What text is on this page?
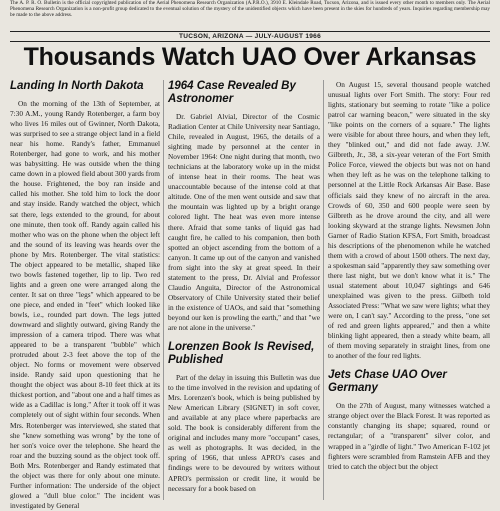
The A. P. R. O. Bulletin is the official copyrighted publication of the Aerial Phenomena Research Organization (A.P.R.O.), 3910 E. Kleindale Road, Tucson, Arizona, and is issued every other month to members only. The Aerial Phenomena Research Organization is a non-profit group dedicated to the eventual solution of the mystery of the unidentified objects which have been present in the skies for hundreds of years. Inquiries regarding membership may be made to the above address.
TUCSON, ARIZONA — JULY-AUGUST 1966
Thousands Watch UAO Over Arkansas
Landing In North Dakota

On the morning of the 13th of September, at 7:30 A.M., young Randy Rotenberger, a farm boy who lives 16 miles out of Gwinner, North Dakota, was surprised to see a strange object land in a field near his home. Randy's father, Emmanuel Rotenberger, had gone to work, and his mother was babysitting. He was outside when the thing came down in a plowed field about 300 yards from the house. Frightened, the boy ran inside and called his mother. She told him to lock the door and stay inside. Randy watched the object, which sat there, legs extended to the ground, for about one minute, then took off. Randy again called his mother who was on the phone when the object left and the sound of its leaving was heards over the phone by Mrs. Rotenberger. The vital statistics: The object appeared to be metallic, shaped like two bowls fastened together, lip to lip. Two red lights and a green one were arranged along the center. It sat on three "legs" which appeared to be one piece, and ended in "feet" which looked like bowls, i.e., rounded part down. The legs jutted downward and slightly outward, giving Randy the impression of a camera tripod. There was what appeared to be a transparent "bubble" which protruded about 2-3 feet above the top of the object. No forms or movement were observed inside. Randy said upon questioning that he thought the object was about 8-10 feet thick at its thickest portion, and "about one and a half times as wide as a Cadillac is long." After it took off it was completely out of sight within four seconds. When Mrs. Rotenberger was interviewed, she stated that she "knew something was wrong" by the tone of her son's voice over the telephone. She heard the roar and the buzzing sound as the object took off. Both Mrs. Rotenberger and Randy estimated that the object was there for only about one minute. Further information: The underside of the object glowed a "dull blue color." The incident was investigated by General

1964 Case Revealed By Astronomer

Dr. Gabriel Alvial, Director of the Cosmic Radiation Center at Chile University near Santiago, Chile, revealed in August, 1965, the details of a sighting made by personnel at the center in November 1964: One night during that month, two technicians at the laboratory woke up in the midst of intense heat in their rooms. The heat was unaccountable because of the intense cold at that altitude. One of the men went outside and saw that the mountain was lighted up by a bright orange colored light. The heat was even more intense there. Afraid that some tanks of liquid gas had caught fire, he called to his companion, then both spotted an object ascending from the bottom of a canyon. It came up out of the canyon and vanished from sight into the sky at great speed. In their statement to the press, Dr. Alvial and Professor Claudio Anguita, Director of the Astronomical Observatory of Chile University stated their belief in the existence of UAOs, and said that "something beyond our ken is prowling the earth," and that "we are not alone in the universe."

Lorenzen Book Is Revised, Published

Part of the delay in issuing this Bulletin was due to the time involved in the revision and updating of Mrs. Lorenzen's book, which is being published by New American Library (SIGNET) in soft cover, and available at any place where paperbacks are sold. The book is considerably different from the original and includes many more "occupant" cases, as well as photographs. It was decided, in the spring of 1966, that unless APRO's cases and findings were to be devoured by writers without APRO's permission or credit line, it would be necessary for a book based on

On August 15, several thousand people watched unusual lights over Fort Smith. The story: Four red lights, stationary but seeming to rotate "like a police patrol car warning beacon," were situated in the sky "like points on the corners of a square." The lights were visible for about three hours, and when they left, they "blinked out," and did not fade away. J.W. Gilbreth, Jr., 38, a six-year veteran of the Fort Smith Police Force, viewed the objects but was not on hand when they left as he was on the telephone talking to personnel at the Little Rock Arkansas Air Base. Base officials said they knew of no aircraft in the area. Crowds of 60, 350 and 600 people were seen by Gilbreth as he drove around the city, and all were looking skyward at the strange lights. Newsmen John Garner of Radio Station KFSA, Fort Smith, broadcast his descriptions of the phenomenon while he watched them with a crowd of about 1500 others. The next day, a spokesman said "apparently they saw something over there last night, but we don't know what it is." The usual statement about 10,047 sightings and 646 unexplained was given to the press. Gilbeth told Associated Press: "What we saw were lights; what they were on, I can't say." According to the press, "one set of red and green lights appeared," and then a white blinking light appeared, then a steady white beam, all of them moving separately in straight lines, from one to another of the four red lights.

Jets Chase UAO Over Germany

On the 27th of August, many witnesses watched a strange object over the Black Forest. It was reported as constantly changing its shape; squared, round or rectangular; of a "transparent" silver color, and wrapped in a "girdle of light." Two American F-102 jet fighters were scrambled from Ramstein AFB and they tried to catch the object but the object
